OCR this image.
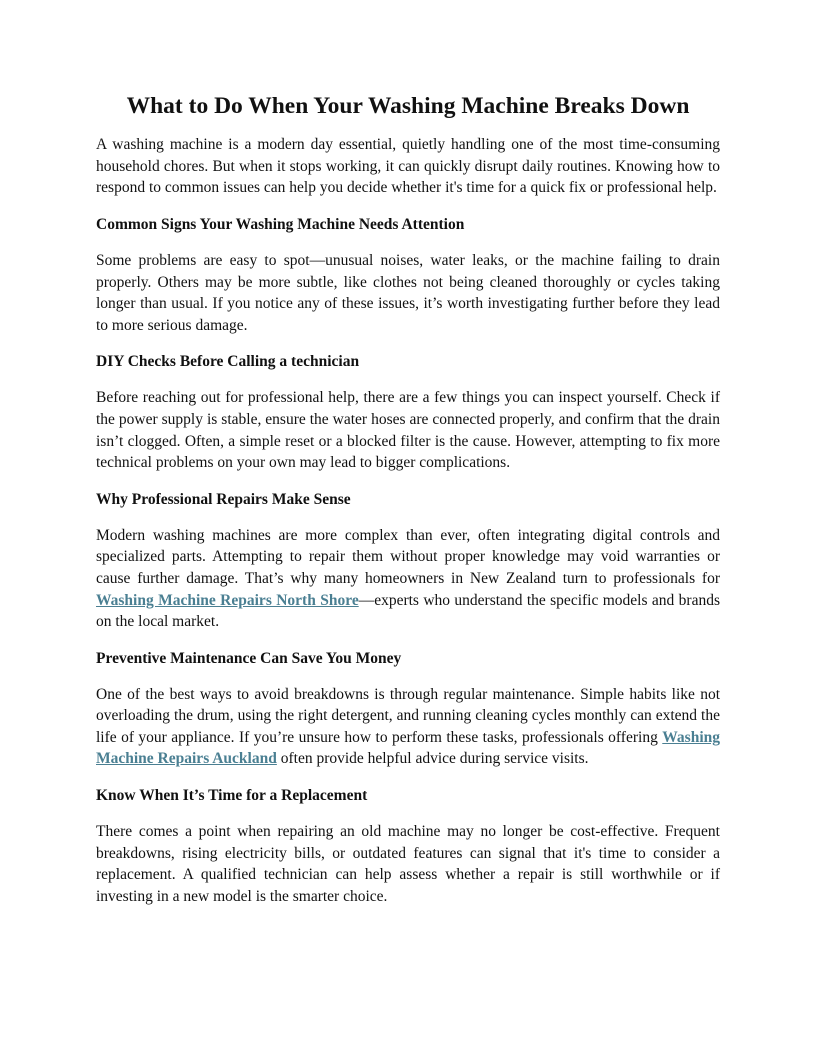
What to Do When Your Washing Machine Breaks Down

A washing machine is a modern day essential, quietly handling one of the most time-consuming household chores. But when it stops working, it can quickly disrupt daily routines. Knowing how to respond to common issues can help you decide whether it's time for a quick fix or professional help.

Common Signs Your Washing Machine Needs Attention

Some problems are easy to spot—unusual noises, water leaks, or the machine failing to drain properly. Others may be more subtle, like clothes not being cleaned thoroughly or cycles taking longer than usual. If you notice any of these issues, it’s worth investigating further before they lead to more serious damage.

DIY Checks Before Calling a technician

Before reaching out for professional help, there are a few things you can inspect yourself. Check if the power supply is stable, ensure the water hoses are connected properly, and confirm that the drain isn’t clogged. Often, a simple reset or a blocked filter is the cause. However, attempting to fix more technical problems on your own may lead to bigger complications.

Why Professional Repairs Make Sense

Modern washing machines are more complex than ever, often integrating digital controls and specialized parts. Attempting to repair them without proper knowledge may void warranties or cause further damage. That’s why many homeowners in New Zealand turn to professionals for Washing Machine Repairs North Shore—experts who understand the specific models and brands on the local market.

Preventive Maintenance Can Save You Money

One of the best ways to avoid breakdowns is through regular maintenance. Simple habits like not overloading the drum, using the right detergent, and running cleaning cycles monthly can extend the life of your appliance. If you’re unsure how to perform these tasks, professionals offering Washing Machine Repairs Auckland often provide helpful advice during service visits.

Know When It’s Time for a Replacement

There comes a point when repairing an old machine may no longer be cost-effective. Frequent breakdowns, rising electricity bills, or outdated features can signal that it's time to consider a replacement. A qualified technician can help assess whether a repair is still worthwhile or if investing in a new model is the smarter choice.
